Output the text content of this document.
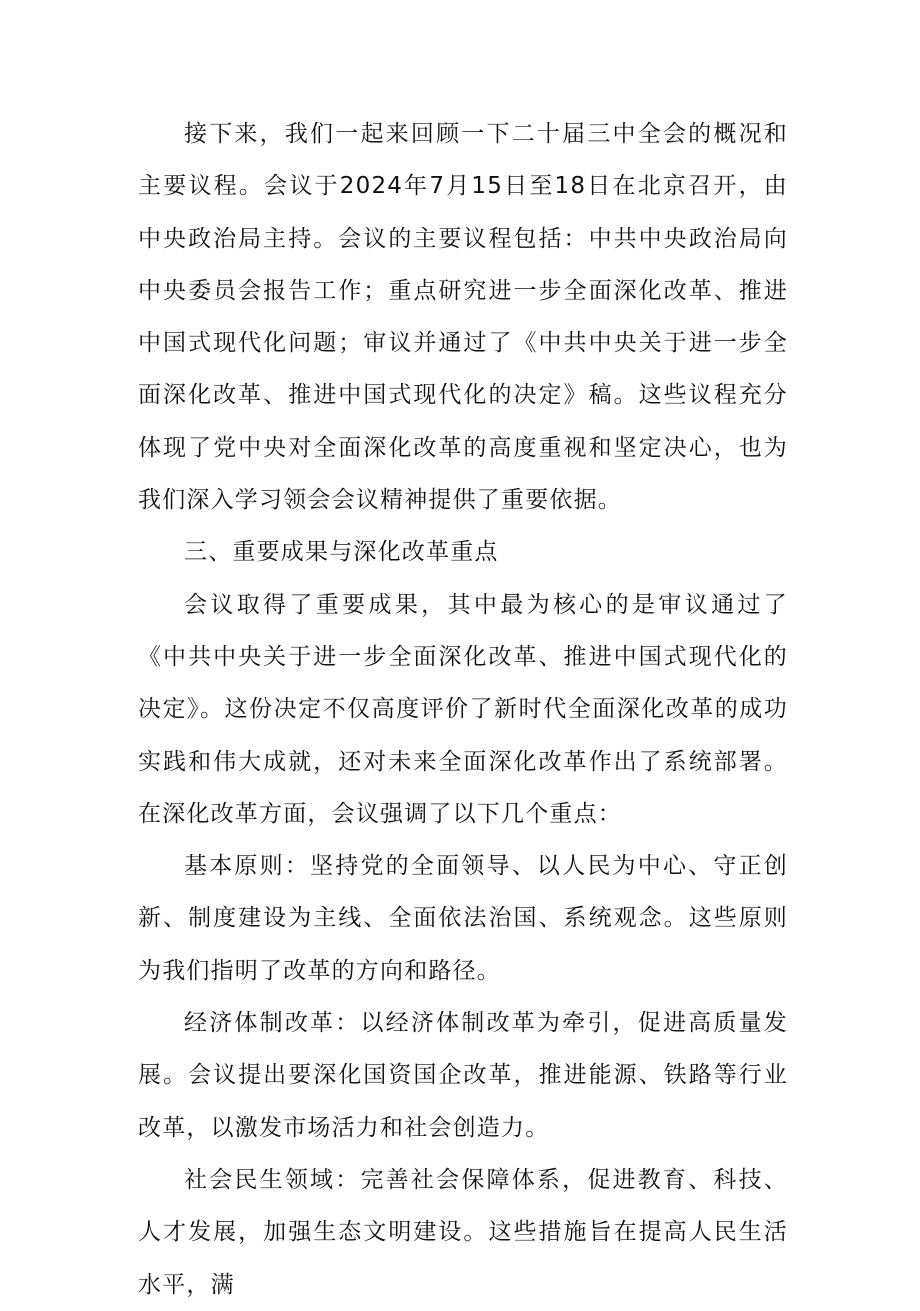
接下来，我们一起来回顾一下二十届三中全会的概况和主要议程。会议于2024年7月15日至18日在北京召开，由中央政治局主持。会议的主要议程包括：中共中央政治局向中央委员会报告工作；重点研究进一步全面深化改革、推进中国式现代化问题；审议并通过了《中共中央关于进一步全面深化改革、推进中国式现代化的决定》稿。这些议程充分体现了党中央对全面深化改革的高度重视和坚定决心，也为我们深入学习领会会议精神提供了重要依据。

三、重要成果与深化改革重点

会议取得了重要成果，其中最为核心的是审议通过了《中共中央关于进一步全面深化改革、推进中国式现代化的决定》。这份决定不仅高度评价了新时代全面深化改革的成功实践和伟大成就，还对未来全面深化改革作出了系统部署。在深化改革方面，会议强调了以下几个重点：

基本原则：坚持党的全面领导、以人民为中心、守正创新、制度建设为主线、全面依法治国、系统观念。这些原则为我们指明了改革的方向和路径。

经济体制改革：以经济体制改革为牵引，促进高质量发展。会议提出要深化国资国企改革，推进能源、铁路等行业改革，以激发市场活力和社会创造力。

社会民生领域：完善社会保障体系，促进教育、科技、人才发展，加强生态文明建设。这些措施旨在提高人民生活水平，满
